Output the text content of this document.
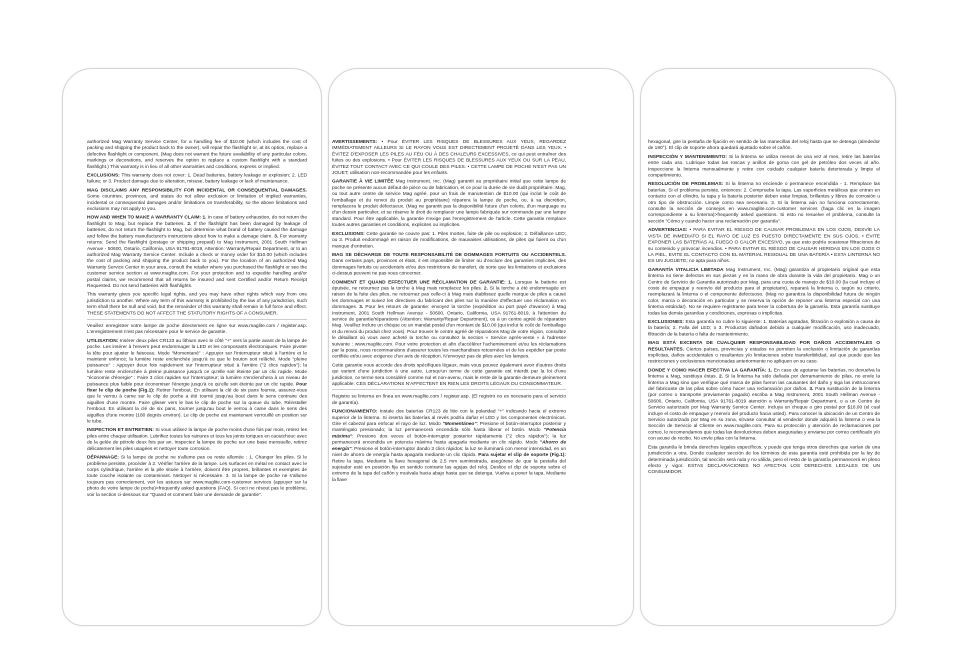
authorized Mag Warranty Service Center, for a handling fee of $10.00 (which includes the cost of packing and shipping the product back to the owner), will repair the flashlight or, at its option, replace a defective flashlight or component. (Mag does not warrant the future availability of any particular colors, markings or decorations, and reserves the option to replace a custom flashlight with a standard flashlight.) This warranty is in lieu of all other warranties and conditions, express or implied.

EXCLUSIONS: This warranty does not cover: 1. Dead batteries, battery leakage or explosion; 2. LED failure; or 3. Product damage due to alteration, misuse, battery leakage or lack of maintenance.

MAG DISCLAIMS ANY RESPONSIBILITY FOR INCIDENTAL OR CONSEQUENTIAL DAMAGES. Some countries, provinces, and states do not allow exclusion or limitation of implied warranties, incidental or consequential damages and/or limitations on transferability, so the above limitations and exclusions may not apply to you.

HOW AND WHEN TO MAKE A WARRANTY CLAIM: 1. In case of battery exhaustion, do not return the flashlight to Mag, but replace the batteries. 2. If the flashlight has been damaged by leakage of batteries, do not return the flashlight to Mag, but determine what brand of battery caused the damage and follow the battery manufacturer's instructions about how to make a damage claim. 3. For warranty returns: Send the flashlight (postage or shipping prepaid) to Mag Instrument, 2001 South Hellman Avenue - 50600, Ontario, California, USA 91761-8019, Attention: Warranty/Repair Department, or to an authorized Mag Warranty Service Center. Include a check or money order for $10.00 (which includes the cost of packing and shipping the product back to you). For the location of an authorized Mag Warranty Service Center in your area, consult the retailer where you purchased the flashlight or see the customer service section at www.maglite.com. For your protection and to expedite handling and/or postal claims, we recommend that all returns be insured and sent Certified and/or Return Receipt Requested. Do not send batteries with flashlights.

This warranty gives you specific legal rights, and you may have other rights which vary from one jurisdiction to another. Where any term of this warranty is prohibited by the law of any jurisdiction, such term shall there be null and void, but the remainder of this warranty shall remain in full force and effect. THESE STATEMENTS DO NOT AFFECT THE STATUTORY RIGHTS OF A CONSUMER.

Veuillez enregistrer votre lampe de poche directement en ligne sur www.maglite.com / register.asp. L'enregistrement n'est pas nécessaire pour le service de garantie.

UTILISATION: Insérer deux piles CR123 au lithium avec le côté "+" vers la partie avant de la lampe de poche. Les insérer à l'envers peut endommager la LED et les composants électroniques. Faire pivoter la tête pour ajuster le faisceau. Mode "Momentané" : Appuyer sur l'interrupteur situé à l'arrière et le maintenir enfoncé; la lumière reste enclenchée jusqu'à ce que le bouton soit relâché. Mode "pleine puissance" : Appuyer deux fois rapidement sur l'interrupteur situé à l'arrière ("2 clics rapides"); la lumière reste enclenchée à pleine puissance jusqu'à ce qu'elle soit éteinte par un clic rapide. Mode "économie d'énergie" : Faire 3 clics rapides sur l'interrupteur; la lumière s'enclenchera à un niveau de puissance plus faible pour économiser l'énergie jusqu'à ce qu'elle soit éteinte par un clic rapide. Pour fixer le clip de poche (Fig.1): Retirer l'embout. En utilisant la clé de six pans fournie, assurez-vous que le verrou à came sur le clip de poche a été tourné jusqu'au bout dans le sens contraire des aiguilles d'une montre. Faire glisser vers le bas le clip de poche sur la queue du tube. Réinstaller l'embout. En utilisant la clé de six pans, tourner jusqu'au bout le verrou à came dans le sens des aiguilles d'une montre (180 degrés environ). Le clip de poche est maintenant verrouillé en position sur le tube.

INSPECTION ET ENTRETIEN: Si vous utilisez la lampe de poche moins d'une fois par mois, retirez les piles entre chaque utilisation. Lubrifiez toutes les rainures et tous les joints toriques en caoutchouc avec de la gelée de pétrole deux fois par an. Inspectez la lampe de poche sur une base mensuelle, retirez délicatement les piles usagées et nettoyer toute corrosion.

DÉPANNAGE: Si la lampe de poche ne s'allume pas ou reste allumée : 1. Changer les piles. Si le problème persiste, procéder à 2. Vérifier l'arrière de la lampe. Les surfaces en métal en contact avec le corps cylindrique, l'arrière et la pile située à l'arrière, doivent être propres, brillantes et exemptes de toute couche isolante ou contaminant. Nettoyer si nécessaire. 3. Si la lampe de poche ne s'allume toujours pas correctement, voir les astuces sur www.maglite.com-customer services (appuyer sur la photo de votre lampe de poche)>frequently asked questions (FAQ). Si ceci ne résout pas le problème, voir la section ci-dessous sur "Quand et comment faire une demande de garantie".

AVERTISSEMENTS: • Pour ÉVITER LES RISQUES DE BLESSURES AUX YEUX, REGARDEZ IMMÉDIATEMENT AILLEURS SI LE RAYON VOUS EST DIRECTEMENT PROJETÉ DANS LES YEUX. • ÉVITEZ D'EXPOSER LES PILES AU FEU OU À DES CHALEURS EXCESSIVES, ce qui peut entraîner des fuites ou des explosions. • Pour ÉVITER LES RISQUES DE BLESSURES AUX YEUX OU SUR LA PEAU, ÉVITEZ TOUT CONTACT AVEC CE QUI COULE DES PILES. • CETTE LAMPE DE POCHE N'EST PAS UN JOUET; utilisation non-recommandée pour les enfants.

GARANTIE À VIE LIMITÉE Mag Instrument, Inc. (Mag) garantit au propriétaire initial que cette lampe de poche ne présente aucun défaut de pièce ou de fabrication, et ce pour la durée de vie dudit propriétaire. Mag, ou tout autre centre de service Mag agréé, pour un frais de manutention de $10.00 (qui inclut le coût de l'emballage et du renvoi du produit au propriétaire) réparera la lampe de poche, ou, à sa discrétion, remplacera le produit défectueux. (Mag ne garantit pas la disponibilité future d'un coloris, d'un marquage ou d'un dessin particulier, et se réserve le droit de remplacer une lampe fabriquée sur commande par une lampe standard. Pour être applicable, la garantie n'exige pas l'enregistrement de l'article. Cette garantie remplace toutes autres garanties et conditions, explicites ou implicites.

EXCLUSIONS: Cette garantie ne couvre pas: 1. Piles mortes, fuite de pile ou explosion; 2. Défaillance LED; ou 3. Produit endommagé en raison de modifications, de mauvaises utilisations, de piles qui fuient ou d'un manque d'entretien.

MAG SE DÉCHARGE DE TOUTE RESPONSABILITÉ DE DOMMAGES FORTUITS OU ACCIDENTELS. Dans certains pays, provinces et états, il est impossible de limiter ou d'exclure des garanties implicites, des dommages fortuits ou accidentels et/ou des restrictions de transfert, de sorte que les limitations et exclusions ci-dessus peuvent ne pas vous concerner.

COMMENT ET QUAND EFFECTUER UNE RÉCLAMATION DE GARANTIE: 1. Lorsque la batterie est épuisée, ne retournez pas la torche à Mag mais remplacez les piles. 2. Si la torche a été endommagée en raison de la fuite des piles, ne retournez pas celle-ci à Mag mais établissez quelle marque de piles a causé les dommages et suivez les directives du fabricant des piles sur la manière d'effectuer une réclamation en dommages. 3. Pour les retours de garantie: envoyez la torche (expédition ou port payé d'avance) à Mag Instrument, 2001 South Hellman Avenue - 50600, Ontario, California, USA 91761-8019, à l'attention du service de garantie/réparations (Attention: Warranty/Repair Department), ou à un centre agréé de réparation Mag. Veuillez inclure un chèque ou un mandat postal d'un montant de $10.00 (qui inclut le coût de l'emballage et du renvoi du produit chez vous). Pour trouver le centre agréé de réparations Mag de votre région, consultez le détaillant où vous avez acheté la torche ou consultez la section « Service après-vente » à l'adresse suivante : www.maglite.com. Pour votre protection et afin d'accélérer l'acheminement et/ou les réclamations par la poste, nous recommandons d'assurer toutes les marchandises retournées et de les expédier par poste certifiée et/ou avec exigence d'un avis de réception. N'envoyez pas de piles avec les lampes.

Cette garantie vous accorde des droits spécifiques légaux, mais vous pouvez également avoir d'autres droits qui varient d'une juridiction à une autre. Lorsqu'un terme de cette garantie est interdit par la loi d'une juridiction, ce terme sera considéré comme nul et non-avenu, mais le reste de la garantie demeure pleinement applicable. CES DÉCLARATIONS N'AFFECTENT EN RIEN LES DROITS LÉGAUX DU CONSOMMATEUR.

Registre su linterna en línea en www.maglite.com / register.asp. (El registro no es necesario para el servicio de garantía).

FUNCIONAMIENTO: Instale dos baterías CR123 de litio con la polaridad "+" indicando hacia el extremo superior de la linterna. Si inserta las baterías al revés podría dañar el LED y los componentes electrónicos. Gire el cabezal para enfocar el rayo de luz. Modo "Momentáneo": Presione el botón-interruptor posterior y manténgalo presionado; la luz permanecerá encendida sólo hasta liberar el botón. Modo "Potencia máxima": Presione dos veces el botón-interruptor posterior rápidamente ("2 clics rápidos"); la luz permanecerá encendida en potencia máxima hasta apagarla mediante un clic rápido. Modo "Ahorro de energía": Presione el botón-interruptor dando 3 clics rápidos; la luz se iluminará con menor intensidad, en un nivel de ahorro de energía hasta apagarla mediante un clic rápido. Para sujetar el clip de soporte (Fig.1): Retire la tapa. Mediante la llave hexagonal de 2.5 mm suministrada, asegúrese de que la pestaña del sujetador esté en posición fija en sentido contrario las agujas del reloj. Deslice el clip de soporte sobre el extremo de la tapa del cañón y muévala hacia abajo hasta que se detenga. Vuelva a poner la tapa. Mediante la llave

hexagonal, gire la pestaña de fijación en sentido de las manecillas del reloj hasta que se detenga (alrededor de 180°). El clip de soporte ahora quedará ajustado sobre el cañón.

INSPECCIÓN Y MANTENIMIENTO: Si la linterna se utiliza menos de una vez al mes, retire las baterías entre cada uso. Lubrique todas las roscas y anillos de goma con gel de petróleo dos veces al año. Inspeccione la linterna mensualmente y retire con cuidado cualquier batería deteriorada y limpie el compartimiento.

RESOLUCIÓN DE PROBLEMAS: Si la linterna no enciende o permanece encendida - 1. Remplace las baterías. Si el problema persiste, entonces: 2. Compruebe la tapa. Las superficies metálicas que entran en contacto con el cilindro, la tapa y la batería posterior deben estar limpias, brillantes y libres de corrosión u otro tipo de obstrucción. Limpie como sea necesario. 3. Si la linterna aún no funciona correctamente, consulte la sección de consejos en www.maglite.com-customer services (haga clic en la imagen correspondiente a su linterna)>frequently asked questions. Si esto no resuelve el problema, consulte la sección "Cómo y cuando hacer una reclamación por garantía".

ADVERTENCIAS: • PARA EVITAR EL RIESGO DE CAUSAR PROBLEMAS EN LOS OJOS, DESVÍE LA VISTA DE INMEDIATO SI EL RAYO DE LUZ ES PUESTO DIRECTAMENTE EN SUS OJOS. • EVITE EXPONER LAS BATERÍAS AL FUEGO O CALOR EXCESIVO, ya que esto podría ocasionar filtraciones de su contenido y provocar incendios. • PARA EVITAR EL RIESGO DE CAUSAR HERIDAS EN LOS OJOS O LA PIEL, EVITE EL CONTACTO CON EL MATERIAL RESIDUAL DE UNA BATERÍA • ESTA LINTERNA NO ES UN JUGUETE; no apta para niños.

GARANTÍA VITALICIA LIMITADA Mag Instrument, Inc. (Mag) garantiza al propietario original que esta linterna no tiene defectos en sus piezas y en la mano de obra durante la vida del propietario. Mag o un Centro de Servicio de Garantía autorizado por Mag, para una cuota de manejo de $10.00 (la cual incluye el costo de empaque y reenvío del producto para el propietario), reparará la linterna o, según su criterio, reemplazará la linterna o el componente defectuoso. (Mag no garantiza la disponibilidad futura de ningún color, marca o decoración en particular y se reserva la opción de reponer una linterna especial con una linterna estándar). No se requiere registrarse para tener la cobertura de la garantía. Esta garantía sustituye todas las demás garantías y condiciones, expresas o implícitas.

EXCLUSIONES: Esta garantía no cubre lo siguiente: 1. Baterías agotadas, filtración o explosión a causa de la batería; 2. Falla del LED; o 3. Productos dañados debido a cualquier modificación, uso inadecuado, filtración de la batería o falta de mantenimiento.

MAG ESTÁ EXCENTA DE CUALQUIER RESPONSABILIDAD POR DAÑOS ACCIDENTALES O RESULTANTES. Ciertos países, provincias y estados no permiten la exclusión o limitación de garantías implícitas, daños accidentales o resultantes y/o limitaciones sobre transferibilidad, así que puede que las restricciones y exclusiones mencionadas anteriormente no apliquen en su caso.

DONDE Y COMO HACER EFECTIVA LA GARANTÍA: 1. En caso de agotarse las baterías, no devuelva la linterna a Mag, sustituya éstas. 2. Si la linterna ha sido dañada por derramamiento de pilas, no envíe la linterna a Mag sino que verifique qué marca de pilas fueron las causantes del daño y siga las instrucciones del fabricante de las pilas sobre cómo hacer una reclamación por daños. 3. Para sustitución de la linterna (por correo o transporte previamente pagado) escriba a Mag Instrument, 2001 South Hellman Avenue - 50600, Ontario, California, USA 91761-8019 atención a Warranty/Repair Department, o a un Centro de Servicio autorizado por Mag Warranty Service Center. Incluya un cheque o giro postal por $10.00 (el cual incluye el costo de empaque y reenvío del producto hacia usted). Para conocer la ubicación de un Centro de Servicio autorizado por Mag en su zona, sírvase consultar al vendedor donde adquirió la linterna o vea la Sección de Servicio al Cliente en www.maglite.com. Para su protección y atención de reclamaciones por correo, le recomendamos que todas las devoluciones deben aseguradas y enviarse por correo certificado y/o con acuse de recibo. No envíe pilas con la linterna.

Esta garantía le brinda derechos legales específicos, y puede que tenga otros derechos que varían de una jurisdicción a otra. Donde cualquier sección de los términos de esta garantía esté prohibida por la ley de determinada jurisdicción, tal sección será nula y no válida, pero el resto de la garantía permanecerá en pleno efecto y vigor. ESTAS DECLARACIONES NO AFECTAN LOS DERECHOS LEGALES DE UN CONSUMIDOR.
